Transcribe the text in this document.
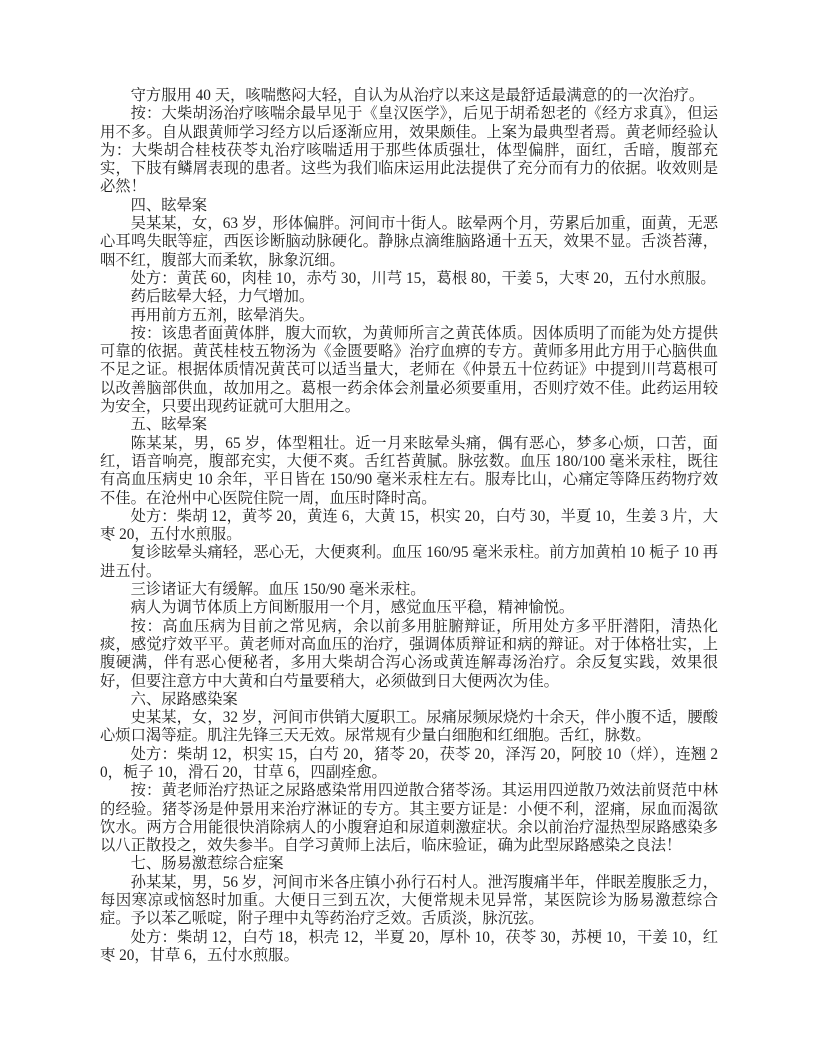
守方服用 40 天，咳喘憋闷大轻，自认为从治疗以来这是最舒适最满意的的一次治疗。

按：大柴胡汤治疗咳喘余最早见于《皇汉医学》，后见于胡希恕老的《经方求真》，但运用不多。自从跟黄师学习经方以后逐渐应用，效果颇佳。上案为最典型者焉。黄老师经验认为：大柴胡合桂枝茯苓丸治疗咳喘适用于那些体质强壮，体型偏胖，面红，舌暗，腹部充实，下肢有鳞屑表现的患者。这些为我们临床运用此法提供了充分而有力的依据。收效则是必然！

四、眩晕案

吴某某，女，63 岁，形体偏胖。河间市十街人。眩晕两个月，劳累后加重，面黄，无恶心耳鸣失眠等症，西医诊断脑动脉硬化。静脉点滴维脑路通十五天，效果不显。舌淡苔薄，咽不红，腹部大而柔软，脉象沉细。

处方：黄芪 60，肉桂 10，赤芍 30，川芎 15，葛根 80，干姜 5，大枣 20，五付水煎服。

药后眩晕大轻，力气增加。

再用前方五剂，眩晕消失。

按：该患者面黄体胖，腹大而软，为黄师所言之黄芪体质。因体质明了而能为处方提供可靠的依据。黄芪桂枝五物汤为《金匮要略》治疗血痹的专方。黄师多用此方用于心脑供血不足之证。根据体质情况黄芪可以适当量大，老师在《仲景五十位药证》中提到川芎葛根可以改善脑部供血，故加用之。葛根一药余体会剂量必须要重用，否则疗效不佳。此药运用较为安全，只要出现药证就可大胆用之。

五、眩晕案

陈某某，男，65 岁，体型粗壮。近一月来眩晕头痛，偶有恶心，梦多心烦，口苦，面红，语音响亮，腹部充实，大便不爽。舌红苔黄腻。脉弦数。血压 180/100 毫米汞柱，既往有高血压病史 10 余年，平日皆在 150/90 毫米汞柱左右。服寿比山，心痛定等降压药物疗效不佳。在沧州中心医院住院一周，血压时降时高。

处方：柴胡 12，黄芩 20，黄连 6，大黄 15，枳实 20，白芍 30，半夏 10，生姜 3 片，大枣 20，五付水煎服。

复诊眩晕头痛轻，恶心无，大便爽利。血压 160/95 毫米汞柱。前方加黄柏 10 栀子 10 再进五付。

三诊诸证大有缓解。血压 150/90 毫米汞柱。

病人为调节体质上方间断服用一个月，感觉血压平稳，精神愉悦。

按：高血压病为目前之常见病，余以前多用脏腑辩证，所用处方多平肝潜阳，清热化痰，感觉疗效平平。黄老师对高血压的治疗，强调体质辩证和病的辩证。对于体格壮实，上腹硬满，伴有恶心便秘者，多用大柴胡合泻心汤或黄连解毒汤治疗。余反复实践，效果很好，但要注意方中大黄和白芍量要稍大，必须做到日大便两次为佳。

六、尿路感染案

史某某，女，32 岁，河间市供销大厦职工。尿痛尿频尿烧灼十余天，伴小腹不适，腰酸心烦口渴等症。肌注先锋三天无效。尿常规有少量白细胞和红细胞。舌红，脉数。

处方：柴胡 12，枳实 15，白芍 20，猪苓 20，茯苓 20，泽泻 20，阿胶 10（烊），连翘 20，栀子 10，滑石 20，甘草 6，四副痊愈。

按：黄老师治疗热证之尿路感染常用四逆散合猪苓汤。其运用四逆散乃效法前贤范中林的经验。猪苓汤是仲景用来治疗淋证的专方。其主要方证是：小便不利，涩痛，尿血而渴欲饮水。两方合用能很快消除病人的小腹窘迫和尿道刺激症状。余以前治疗湿热型尿路感染多以八正散投之，效失参半。自学习黄师上法后，临床验证，确为此型尿路感染之良法！

七、肠易激惹综合症案

孙某某，男，56 岁，河间市米各庄镇小孙行石村人。泄泻腹痛半年，伴眠差腹胀乏力，每因寒凉或恼怒时加重。大便日三到五次，大便常规未见异常，某医院诊为肠易激惹综合症。予以苯乙哌啶，附子理中丸等药治疗乏效。舌质淡，脉沉弦。

处方：柴胡 12，白芍 18，枳壳 12，半夏 20，厚朴 10，茯苓 30，苏梗 10，干姜 10，红枣 20，甘草 6，五付水煎服。
